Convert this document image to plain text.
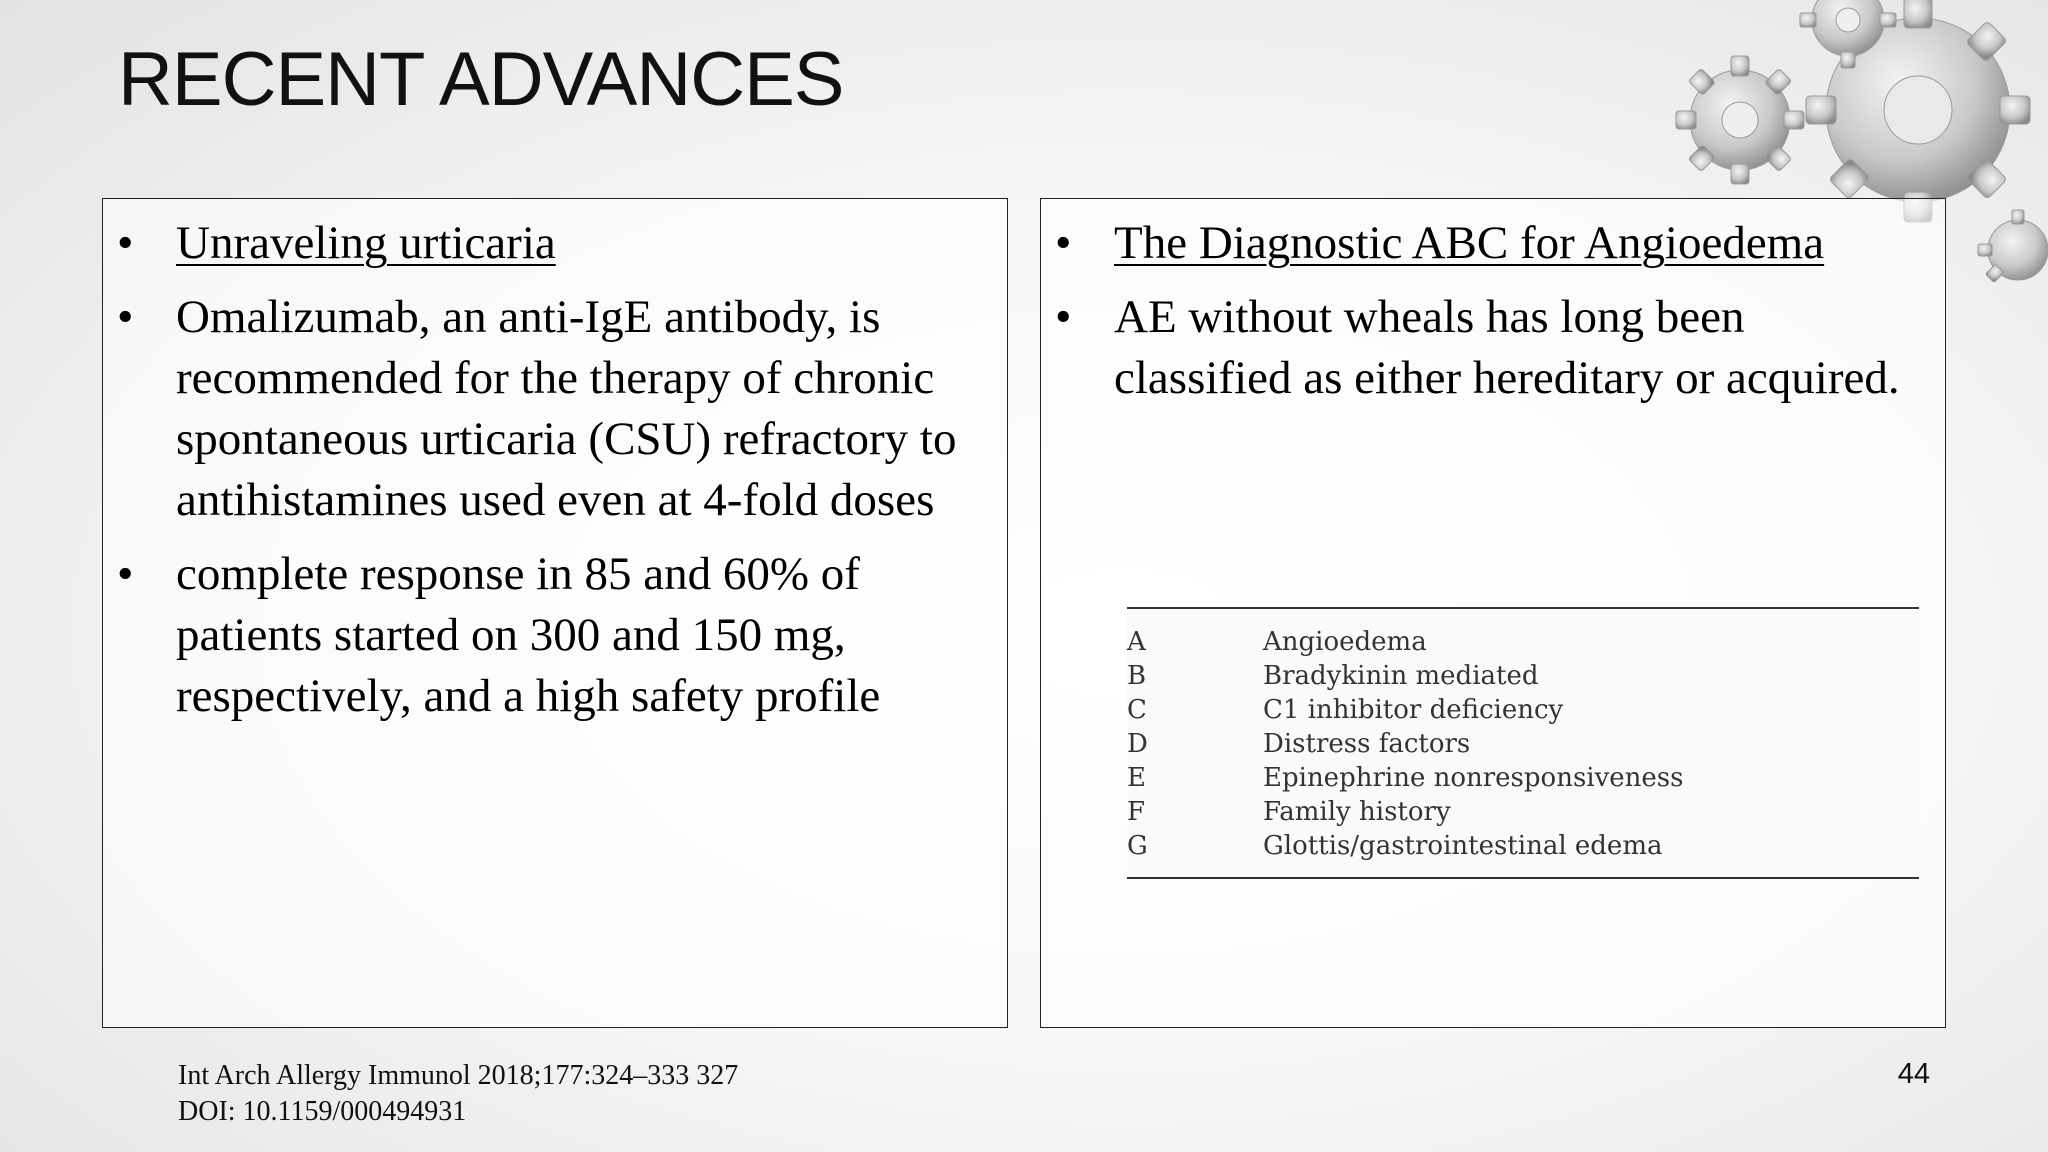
RECENT ADVANCES
• Unraveling urticaria
• Omalizumab, an anti-IgE antibody, is recommended for the therapy of chronic spontaneous urticaria (CSU) refractory to antihistamines used even at 4-fold doses
• complete response in 85 and 60% of patients started on 300 and 150 mg, respectively, and a high safety profile
• The Diagnostic ABC for Angioedema
• AE without wheals has long been classified as either hereditary or acquired.
A	Angioedema
B	Bradykinin mediated
C	C1 inhibitor deficiency
D	Distress factors
E	Epinephrine nonresponsiveness
F	Family history
G	Glottis/gastrointestinal edema
Int Arch Allergy Immunol 2018;177:324–333 327
DOI: 10.1159/000494931
44
